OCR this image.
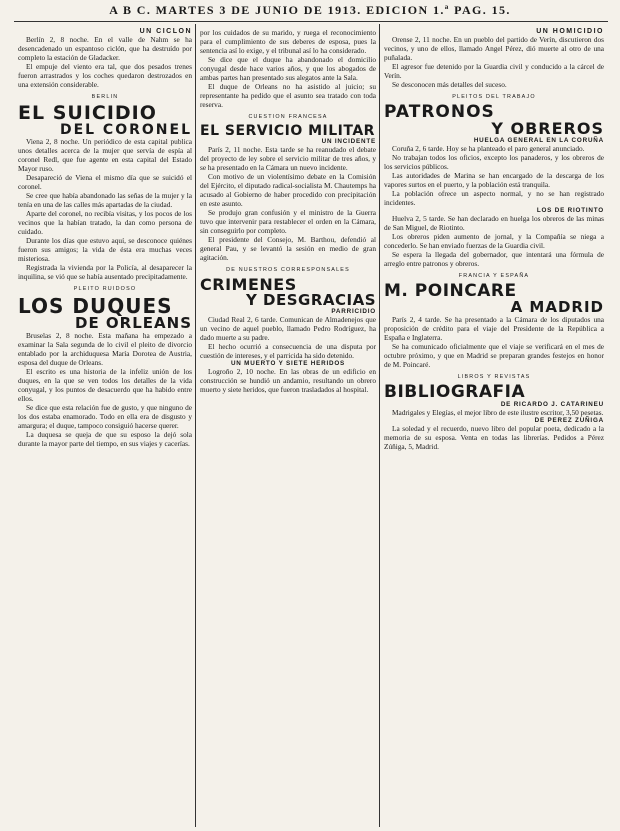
A B C. MARTES 3 DE JUNIO DE 1913. EDICION 1.ª PAG. 15.
UN CICLON

Berlín 2, 8 noche. En el valle de Nahm se ha desencadenado un espantoso ciclón, que ha destruído por completo la estación de Gladacker.

El empuje del viento era tal, que dos pesados trenes fueron arrastrados y los coches quedaron destrozados en una extensión considerable.

BERLIN
EL SUICIDIO
DEL CORONEL

Viena 2, 8 noche. Un periódico de esta capital publica unos detalles acerca de la mujer que servía de espía al coronel Redl, que fue agente en esta capital del Estado Mayor ruso.

Desapareció de Viena el mismo día que se suicidó el coronel.

Se cree que había abandonado las señas de la mujer y la tenía en una de las calles más apartadas de la ciudad.

Aparte del coronel, no recibía visitas, y los pocos de los vecinos que la habían tratado, la dan como persona de cuidado.

Durante los días que estuvo aquí, se desconoce quiénes fueron sus amigos; la vida de ésta era muchas veces misteriosa.

Registrada la vivienda por la Policía, al desaparecer la inquilina, se vió que se había ausentado precipitadamente.

PLEITO RUIDOSO
LOS DUQUES
DE ORLEANS

Bruselas 2, 8 noche. Esta mañana ha empezado a examinar la Sala segunda de lo civil el pleito de divorcio entablado por la archiduquesa María Dorotea de Austria, esposa del duque de Orleans.

El escrito es una historia de la infeliz unión de los duques, en la que se ven todos los detalles de la vida conyugal, y los puntos de desacuerdo que ha habido entre ellos.

Se dice que esta relación fue de gusto, y que ninguno de los dos estaba enamorado. Todo en ella era de disgusto y amargura; el duque, tampoco consiguió hacerse querer.

La duquesa se queja de que su esposo la dejó sola durante la mayor parte del tiempo, en sus viajes y cacerías.

por los cuidados de su marido, y ruega el reconocimiento para el cumplimiento de sus deberes de esposa, pues la sentencia así lo exige, y el tribunal así lo ha considerado.

Se dice que el duque ha abandonado el domicilio conyugal desde hace varios años, y que los abogados de ambas partes han presentado sus alegatos ante la Sala.

El duque de Orleans no ha asistido al juicio; su representante ha pedido que el asunto sea tratado con toda reserva.

CUESTION FRANCESA
EL SERVICIO MILITAR
UN INCIDENTE

París 2, 11 noche. Esta tarde se ha reanudado el debate del proyecto de ley sobre el servicio militar de tres años, y se ha presentado en la Cámara un nuevo incidente.

Con motivo de un violentísimo debate en la Comisión del Ejército, el diputado radical-socialista M. Chautemps ha acusado al Gobierno de haber procedido con precipitación en este asunto.

Se produjo gran confusión y el ministro de la Guerra tuvo que intervenir para restablecer el orden en la Cámara, sin conseguirlo por completo.

El presidente del Consejo, M. Barthou, defendió al general Pau, y se levantó la sesión en medio de gran agitación.

DE NUESTROS CORRESPONSALES
CRIMENES
Y DESGRACIAS
PARRICIDIO

Ciudad Real 2, 6 tarde. Comunican de Almadenejos que un vecino de aquel pueblo, llamado Pedro Rodríguez, ha dado muerte a su padre.

El hecho ocurrió a consecuencia de una disputa por cuestión de intereses, y el parricida ha sido detenido.

UN MUERTO Y SIETE HERIDOS

Logroño 2, 10 noche. En las obras de un edificio en construcción se hundió un andamio, resultando un obrero muerto y siete heridos, que fueron trasladados al hospital.

UN HOMICIDIO

Orense 2, 11 noche. En un pueblo del partido de Verín, discutieron dos vecinos, y uno de ellos, llamado Angel Pérez, dió muerte al otro de una puñalada.

El agresor fue detenido por la Guardia civil y conducido a la cárcel de Verín.

Se desconocen más detalles del suceso.

PLEITOS DEL TRABAJO
PATRONOS
Y OBREROS
HUELGA GENERAL EN LA CORUÑA

Coruña 2, 6 tarde. Hoy se ha planteado el paro general anunciado.

No trabajan todos los oficios, excepto los panaderos, y los obreros de los servicios públicos.

Las autoridades de Marina se han encargado de la descarga de los vapores surtos en el puerto, y la población está tranquila.

La población ofrece un aspecto normal, y no se han registrado incidentes.

LOS DE RIOTINTO

Huelva 2, 5 tarde. Se han declarado en huelga los obreros de las minas de San Miguel, de Riotinto.

Los obreros piden aumento de jornal, y la Compañía se niega a concederlo. Se han enviado fuerzas de la Guardia civil.

Se espera la llegada del gobernador, que intentará una fórmula de arreglo entre patronos y obreros.

FRANCIA Y ESPAÑA
M. POINCARE
A MADRID

París 2, 4 tarde. Se ha presentado a la Cámara de los diputados una proposición de crédito para el viaje del Presidente de la República a España e Inglaterra.

Se ha comunicado oficialmente que el viaje se verificará en el mes de octubre próximo, y que en Madrid se preparan grandes festejos en honor de M. Poincaré.

LIBROS Y REVISTAS
BIBLIOGRAFIA
DE RICARDO J. CATARINEU

Madrigales y Elegías, el mejor libro de este ilustre escritor, 3,50 pesetas.

DE PEREZ ZUÑIGA

La soledad y el recuerdo, nuevo libro del popular poeta, dedicado a la memoria de su esposa. Venta en todas las librerías. Pedidos a Pérez Zúñiga, 5, Madrid.
